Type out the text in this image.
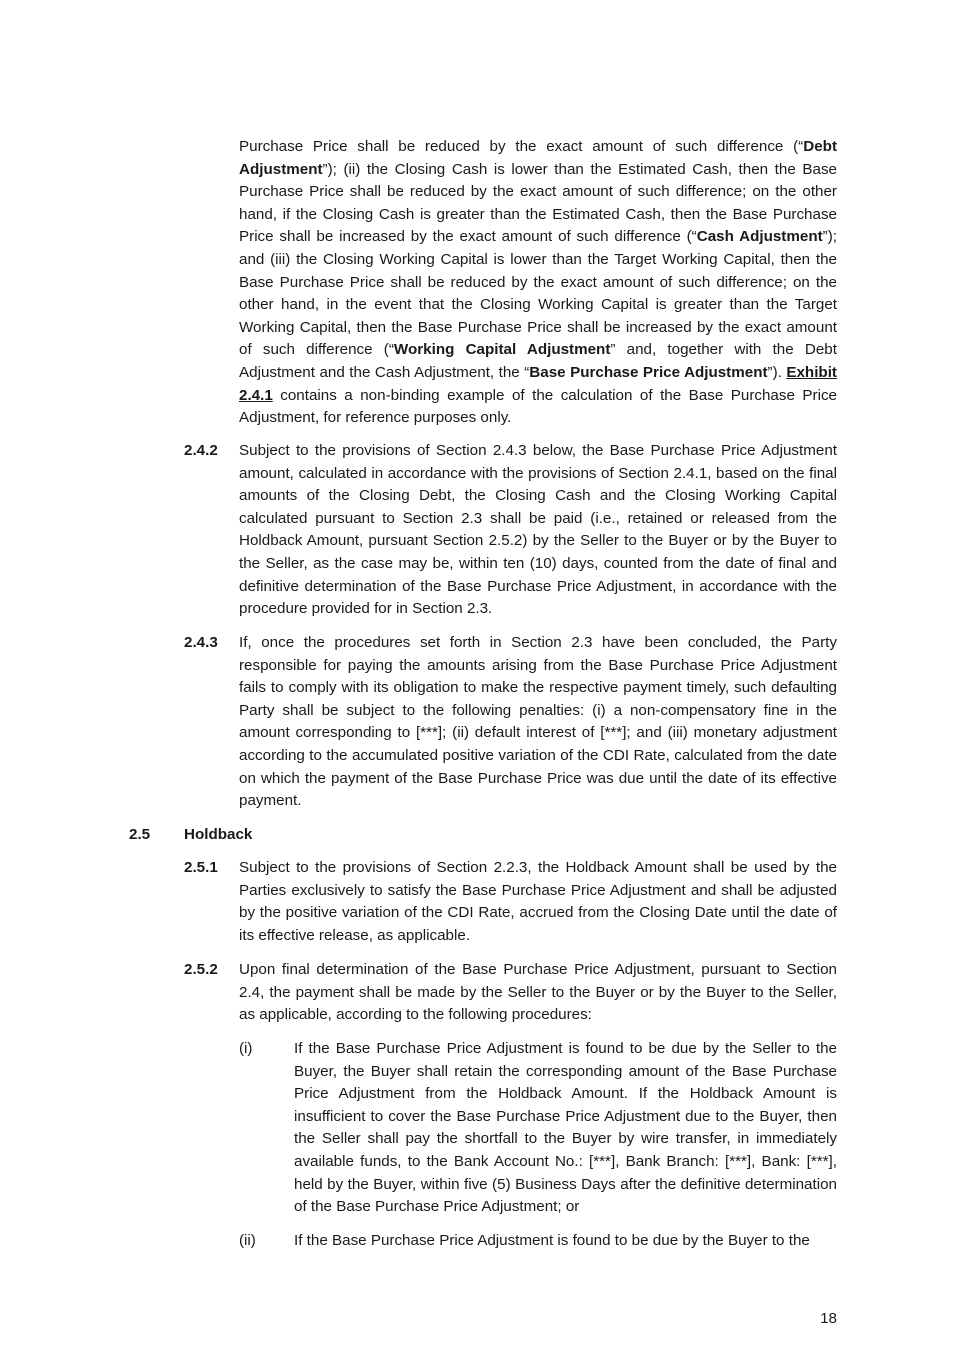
Purchase Price shall be reduced by the exact amount of such difference (“Debt Adjustment”); (ii) the Closing Cash is lower than the Estimated Cash, then the Base Purchase Price shall be reduced by the exact amount of such difference; on the other hand, if the Closing Cash is greater than the Estimated Cash, then the Base Purchase Price shall be increased by the exact amount of such difference (“Cash Adjustment”); and (iii) the Closing Working Capital is lower than the Target Working Capital, then the Base Purchase Price shall be reduced by the exact amount of such difference; on the other hand, in the event that the Closing Working Capital is greater than the Target Working Capital, then the Base Purchase Price shall be increased by the exact amount of such difference (“Working Capital Adjustment” and, together with the Debt Adjustment and the Cash Adjustment, the “Base Purchase Price Adjustment”). Exhibit 2.4.1 contains a non-binding example of the calculation of the Base Purchase Price Adjustment, for reference purposes only.
2.4.2 Subject to the provisions of Section 2.4.3 below, the Base Purchase Price Adjustment amount, calculated in accordance with the provisions of Section 2.4.1, based on the final amounts of the Closing Debt, the Closing Cash and the Closing Working Capital calculated pursuant to Section 2.3 shall be paid (i.e., retained or released from the Holdback Amount, pursuant Section 2.5.2) by the Seller to the Buyer or by the Buyer to the Seller, as the case may be, within ten (10) days, counted from the date of final and definitive determination of the Base Purchase Price Adjustment, in accordance with the procedure provided for in Section 2.3.
2.4.3 If, once the procedures set forth in Section 2.3 have been concluded, the Party responsible for paying the amounts arising from the Base Purchase Price Adjustment fails to comply with its obligation to make the respective payment timely, such defaulting Party shall be subject to the following penalties: (i) a non-compensatory fine in the amount corresponding to [***]; (ii) default interest of [***]; and (iii) monetary adjustment according to the accumulated positive variation of the CDI Rate, calculated from the date on which the payment of the Base Purchase Price was due until the date of its effective payment.
2.5 Holdback
2.5.1 Subject to the provisions of Section 2.2.3, the Holdback Amount shall be used by the Parties exclusively to satisfy the Base Purchase Price Adjustment and shall be adjusted by the positive variation of the CDI Rate, accrued from the Closing Date until the date of its effective release, as applicable.
2.5.2 Upon final determination of the Base Purchase Price Adjustment, pursuant to Section 2.4, the payment shall be made by the Seller to the Buyer or by the Buyer to the Seller, as applicable, according to the following procedures:
(i)	If the Base Purchase Price Adjustment is found to be due by the Seller to the Buyer, the Buyer shall retain the corresponding amount of the Base Purchase Price Adjustment from the Holdback Amount. If the Holdback Amount is insufficient to cover the Base Purchase Price Adjustment due to the Buyer, then the Seller shall pay the shortfall to the Buyer by wire transfer, in immediately available funds, to the Bank Account No.: [***], Bank Branch: [***], Bank: [***], held by the Buyer, within five (5) Business Days after the definitive determination of the Base Purchase Price Adjustment; or
(ii)	If the Base Purchase Price Adjustment is found to be due by the Buyer to the
18
